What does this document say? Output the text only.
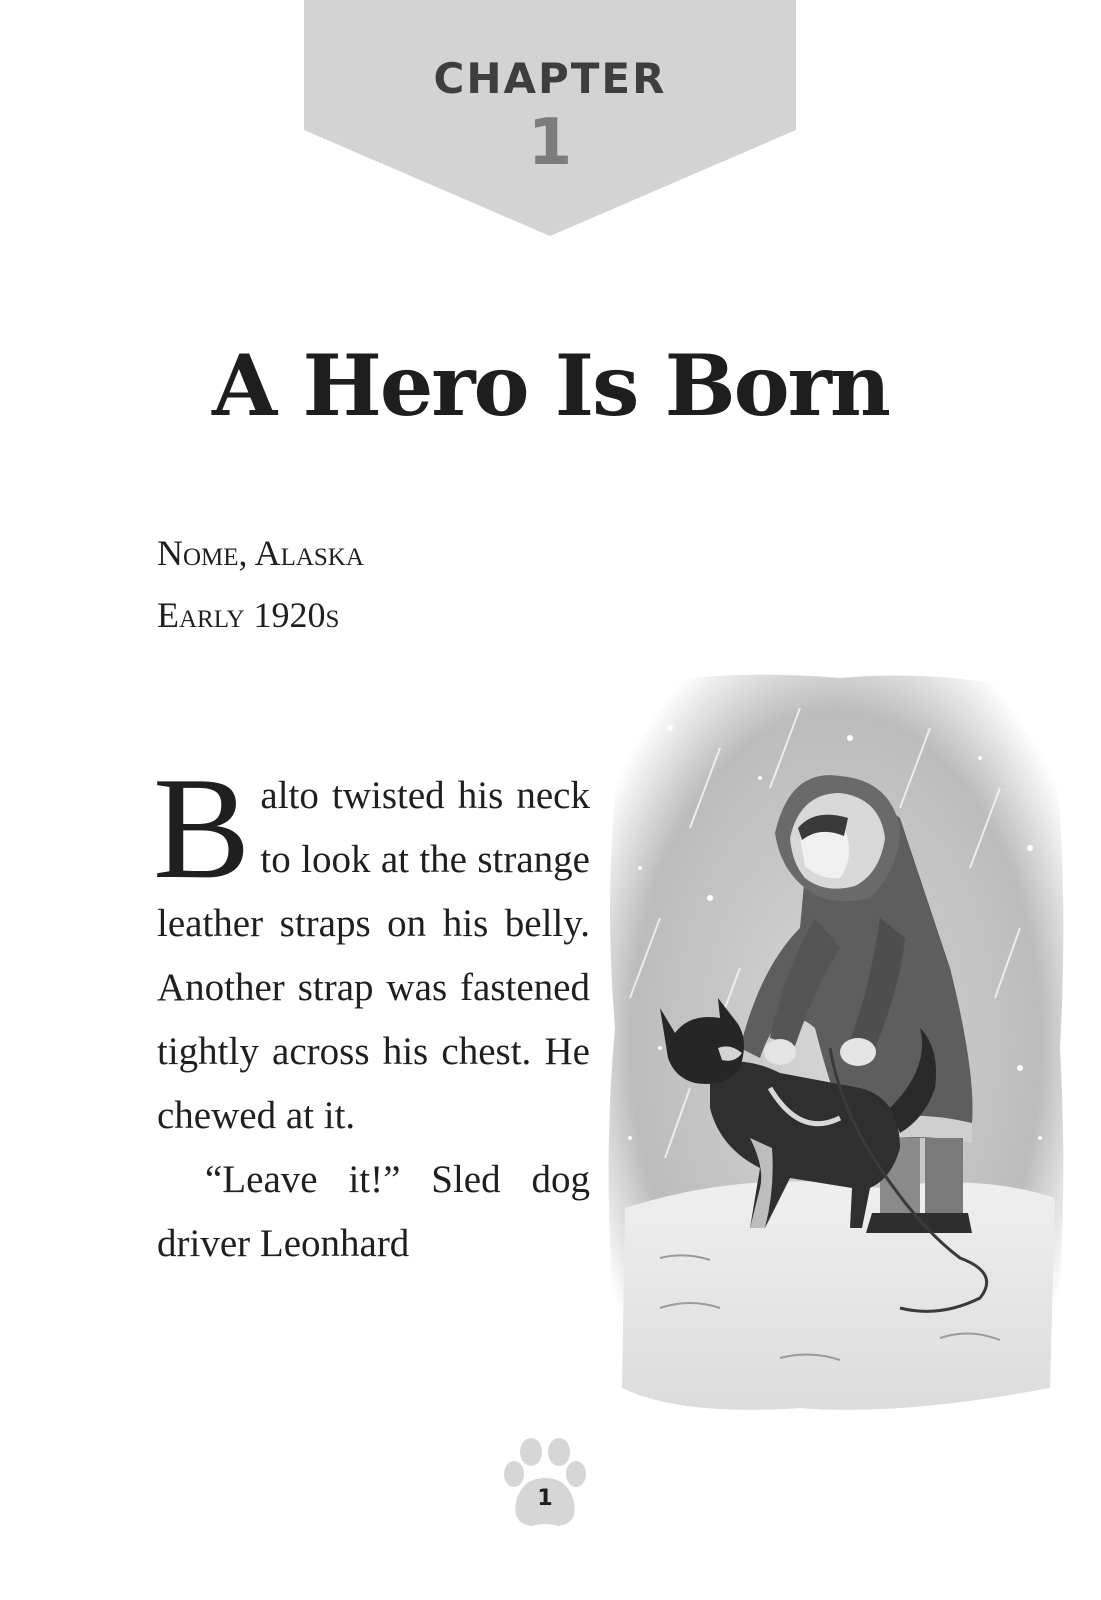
CHAPTER
1
A Hero Is Born
Nome, Alaska
Early 1920s

Balto twisted his neck to look at the strange leather straps on his belly. Another strap was fastened tightly across his chest. He chewed at it.

“Leave it!” Sled dog driver Leonhard

1
